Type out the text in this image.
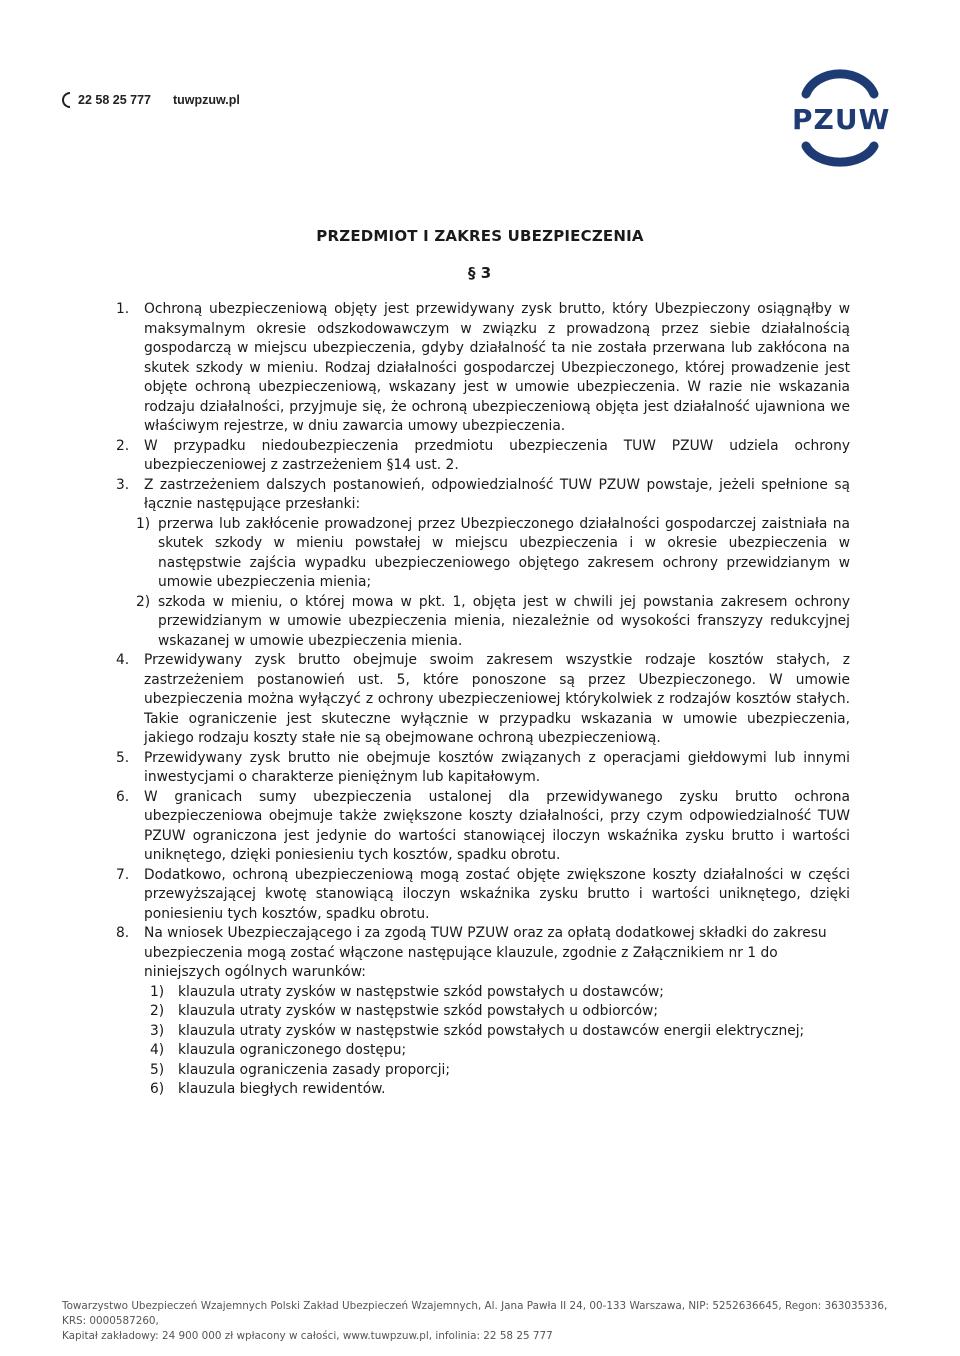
22 58 25 777 tuwpzuw.pl
PZUW
PRZEDMIOT I ZAKRES UBEZPIECZENIA
§ 3
1.	Ochroną ubezpieczeniową objęty jest przewidywany zysk brutto, który Ubezpieczony osiągnąłby w maksymalnym okresie odszkodowawczym w związku z prowadzoną przez siebie działalnością gospodarczą w miejscu ubezpieczenia, gdyby działalność ta nie została przerwana lub zakłócona na skutek szkody w mieniu. Rodzaj działalności gospodarczej Ubezpieczonego, której prowadzenie jest objęte ochroną ubezpieczeniową, wskazany jest w umowie ubezpieczenia. W razie nie wskazania rodzaju działalności, przyjmuje się, że ochroną ubezpieczeniową objęta jest działalność ujawniona we właściwym rejestrze, w dniu zawarcia umowy ubezpieczenia.
2.	W przypadku niedoubezpieczenia przedmiotu ubezpieczenia TUW PZUW udziela ochrony ubezpieczeniowej z zastrzeżeniem §14 ust. 2.
3.	Z zastrzeżeniem dalszych postanowień, odpowiedzialność TUW PZUW powstaje, jeżeli spełnione są łącznie następujące przesłanki:
1) przerwa lub zakłócenie prowadzonej przez Ubezpieczonego działalności gospodarczej zaistniała na skutek szkody w mieniu powstałej w miejscu ubezpieczenia i w okresie ubezpieczenia w następstwie zajścia wypadku ubezpieczeniowego objętego zakresem ochrony przewidzianym w umowie ubezpieczenia mienia;
2) szkoda w mieniu, o której mowa w pkt. 1, objęta jest w chwili jej powstania zakresem ochrony przewidzianym w umowie ubezpieczenia mienia, niezależnie od wysokości franszyzy redukcyjnej wskazanej w umowie ubezpieczenia mienia.
4.	Przewidywany zysk brutto obejmuje swoim zakresem wszystkie rodzaje kosztów stałych, z zastrzeżeniem postanowień ust. 5, które ponoszone są przez Ubezpieczonego. W umowie ubezpieczenia można wyłączyć z ochrony ubezpieczeniowej którykolwiek z rodzajów kosztów stałych. Takie ograniczenie jest skuteczne wyłącznie w przypadku wskazania w umowie ubezpieczenia, jakiego rodzaju koszty stałe nie są obejmowane ochroną ubezpieczeniową.
5.	Przewidywany zysk brutto nie obejmuje kosztów związanych z operacjami giełdowymi lub innymi inwestycjami o charakterze pieniężnym lub kapitałowym.
6.	W granicach sumy ubezpieczenia ustalonej dla przewidywanego zysku brutto ochrona ubezpieczeniowa obejmuje także zwiększone koszty działalności, przy czym odpowiedzialność TUW PZUW ograniczona jest jedynie do wartości stanowiącej iloczyn wskaźnika zysku brutto i wartości uniknętego, dzięki poniesieniu tych kosztów, spadku obrotu.
7.	Dodatkowo, ochroną ubezpieczeniową mogą zostać objęte zwiększone koszty działalności w części przewyższającej kwotę stanowiącą iloczyn wskaźnika zysku brutto i wartości uniknętego, dzięki poniesieniu tych kosztów, spadku obrotu.
8.	Na wniosek Ubezpieczającego i za zgodą TUW PZUW oraz za opłatą dodatkowej składki do zakresu ubezpieczenia mogą zostać włączone następujące klauzule, zgodnie z Załącznikiem nr 1 do niniejszych ogólnych warunków:
1)	klauzula utraty zysków w następstwie szkód powstałych u dostawców;
2)	klauzula utraty zysków w następstwie szkód powstałych u odbiorców;
3)	klauzula utraty zysków w następstwie szkód powstałych u dostawców energii elektrycznej;
4)	klauzula ograniczonego dostępu;
5)	klauzula ograniczenia zasady proporcji;
6)	klauzula biegłych rewidentów.
Towarzystwo Ubezpieczeń Wzajemnych Polski Zakład Ubezpieczeń Wzajemnych, Al. Jana Pawła II 24, 00-133 Warszawa, NIP: 5252636645, Regon: 363035336, KRS: 0000587260,
Kapitał zakładowy: 24 900 000 zł wpłacony w całości, www.tuwpzuw.pl, infolinia: 22 58 25 777
